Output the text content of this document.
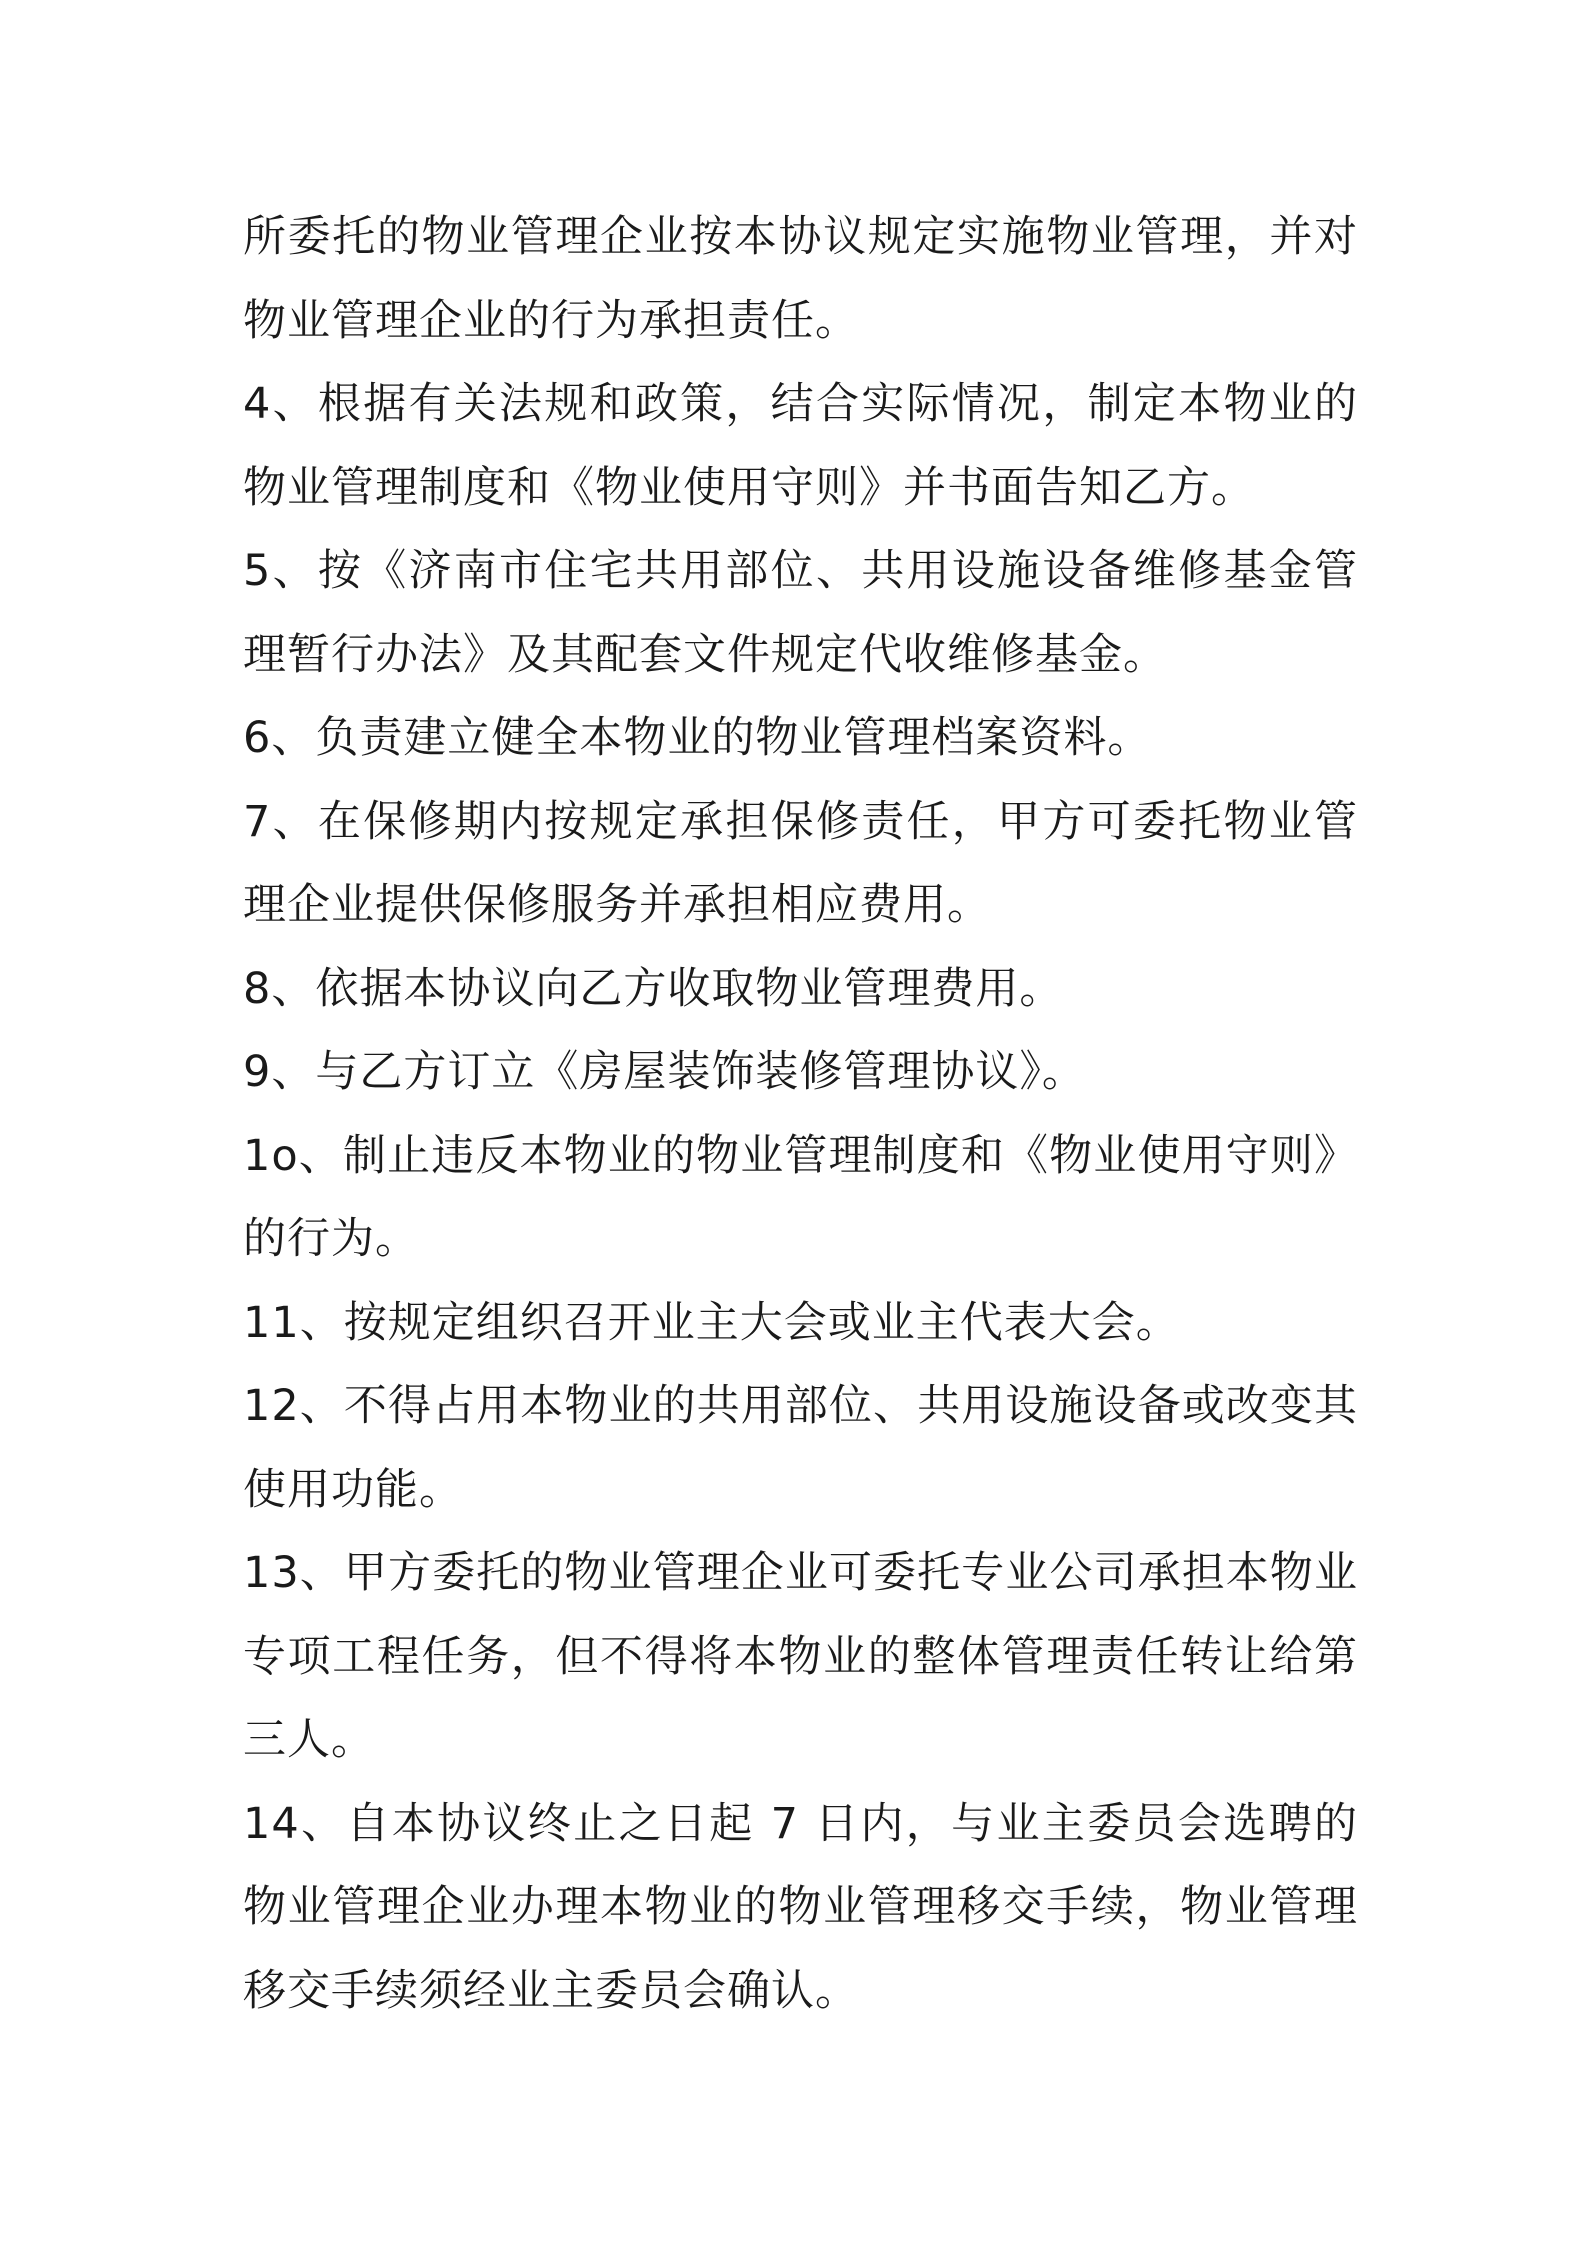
所委托的物业管理企业按本协议规定实施物业管理，并对物业管理企业的行为承担责任。

4、根据有关法规和政策，结合实际情况，制定本物业的物业管理制度和《物业使用守则》并书面告知乙方。

5、按《济南市住宅共用部位、共用设施设备维修基金管理暂行办法》及其配套文件规定代收维修基金。

6、负责建立健全本物业的物业管理档案资料。

7、在保修期内按规定承担保修责任，甲方可委托物业管理企业提供保修服务并承担相应费用。

8、依据本协议向乙方收取物业管理费用。

9、与乙方订立《房屋装饰装修管理协议》。

1o、制止违反本物业的物业管理制度和《物业使用守则》的行为。

11、按规定组织召开业主大会或业主代表大会。

12、不得占用本物业的共用部位、共用设施设备或改变其使用功能。

13、甲方委托的物业管理企业可委托专业公司承担本物业专项工程任务，但不得将本物业的整体管理责任转让给第三人。

14、自本协议终止之日起 7 日内，与业主委员会选聘的物业管理企业办理本物业的物业管理移交手续，物业管理移交手续须经业主委员会确认。
